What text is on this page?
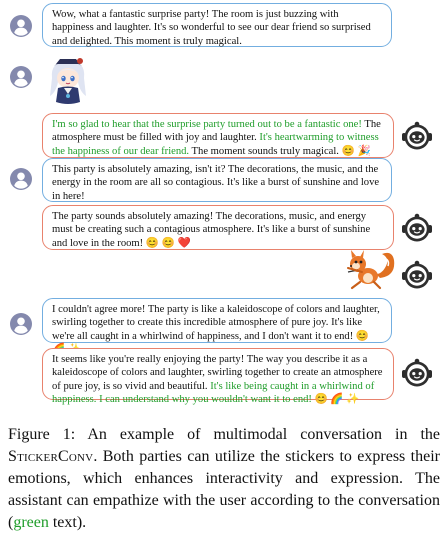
Wow, what a fantastic surprise party! The room is just buzzing with happiness and laughter. It's so wonderful to see our dear friend so surprised and delighted. This moment is truly magical.
I'm so glad to hear that the surprise party turned out to be a fantastic one! The atmosphere must be filled with joy and laughter. It's heartwarming to witness the happiness of our dear friend. The moment sounds truly magical. 😊 🎉
This party is absolutely amazing, isn't it? The decorations, the music, and the energy in the room are all so contagious. It's like a burst of sunshine and love in here!
The party sounds absolutely amazing! The decorations, music, and energy must be creating such a contagious atmosphere. It's like a burst of sunshine and love in the room! 😊 😊 ❤️
I couldn't agree more! The party is like a kaleidoscope of colors and laughter, swirling together to create this incredible atmosphere of pure joy. It's like we're all caught in a whirlwind of happiness, and I don't want it to end! 😊
It seems like you're really enjoying the party! The way you describe it as a kaleidoscope of colors and laughter, swirling together to create an atmosphere of pure joy, is so vivid and beautiful. It's like being caught in a whirlwind of happiness. I can understand why you wouldn't want it to end! 😊 🌈 ✨
Figure 1: An example of multimodal conversation in the StickerConv. Both parties can utilize the stickers to express their emotions, which enhances interactivity and expression. The assistant can empathize with the user according to the conversation (green text).
